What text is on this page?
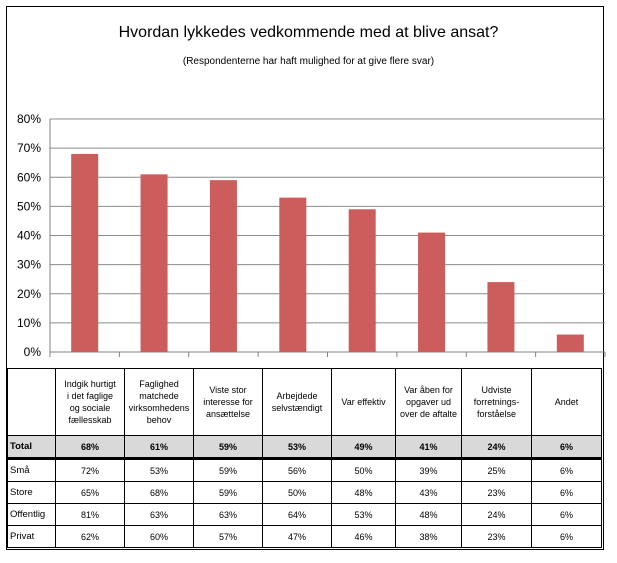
Hvordan lykkedes vedkommende med at blive ansat?
(Respondenterne har haft mulighed for at give flere svar)
0%
10%
20%
30%
40%
50%
60%
70%
80%
	Indgik hurtigt
i det faglige
og sociale
fællesskab	Faglighed
matchede
virksomhedens
behov	Viste stor
interesse for
ansættelse	Arbejdede
selvstændigt	Var effektiv	Var åben for
opgaver ud
over de aftalte	Udviste
forretnings-
forståelse	Andet
Total	68%	61%	59%	53%	49%	41%	24%	6%
Små	72%	53%	59%	56%	50%	39%	25%	6%
Store	65%	68%	59%	50%	48%	43%	23%	6%
Offentlig	81%	63%	63%	64%	53%	48%	24%	6%
Privat	62%	60%	57%	47%	46%	38%	23%	6%
